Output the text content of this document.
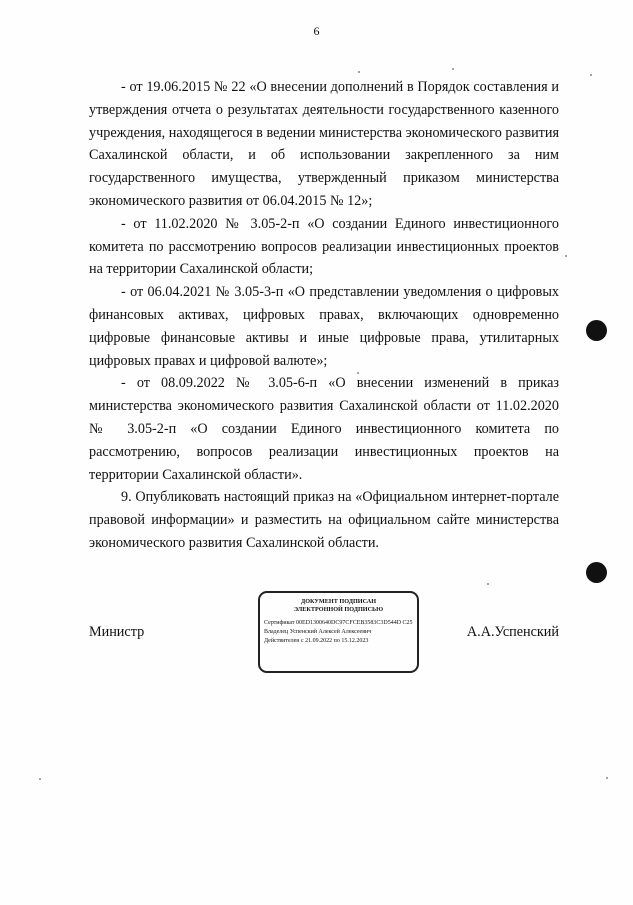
6

- от 19.06.2015 № 22 «О внесении дополнений в Порядок составления и утверждения отчета о результатах деятельности государственного казенного учреждения, находящегося в ведении министерства экономического развития Сахалинской области, и об использовании закрепленного за ним государственного имущества, утвержденный приказом министерства экономического развития от 06.04.2015 № 12»;

- от 11.02.2020 № 3.05-2-п «О создании Единого инвестиционного комитета по рассмотрению вопросов реализации инвестиционных проектов на территории Сахалинской области;

- от 06.04.2021 № 3.05-3-п «О представлении уведомления о цифровых финансовых активах, цифровых правах, включающих одновременно цифровые финансовые активы и иные цифровые права, утилитарных цифровых правах и цифровой валюте»;

- от 08.09.2022 № 3.05-6-п «О внесении изменений в приказ министерства экономического развития Сахалинской области от 11.02.2020 № 3.05-2-п «О создании Единого инвестиционного комитета по рассмотрению, вопросов реализации инвестиционных проектов на территории Сахалинской области».

9. Опубликовать настоящий приказ на «Официальном интернет-портале правовой информации» и разместить на официальном сайте министерства экономического развития Сахалинской области.

Министр	А.А.Успенский
ДОКУМЕНТ ПОДПИСАН
ЭЛЕКТРОННОЙ ПОДПИСЬЮ
Сертификат 00ED1300640DC97CFCEB3583C3D544D C25
Владелец Успенский Алексей Алексеевич
Действителен с 21.09.2022 по 15.12.2023
